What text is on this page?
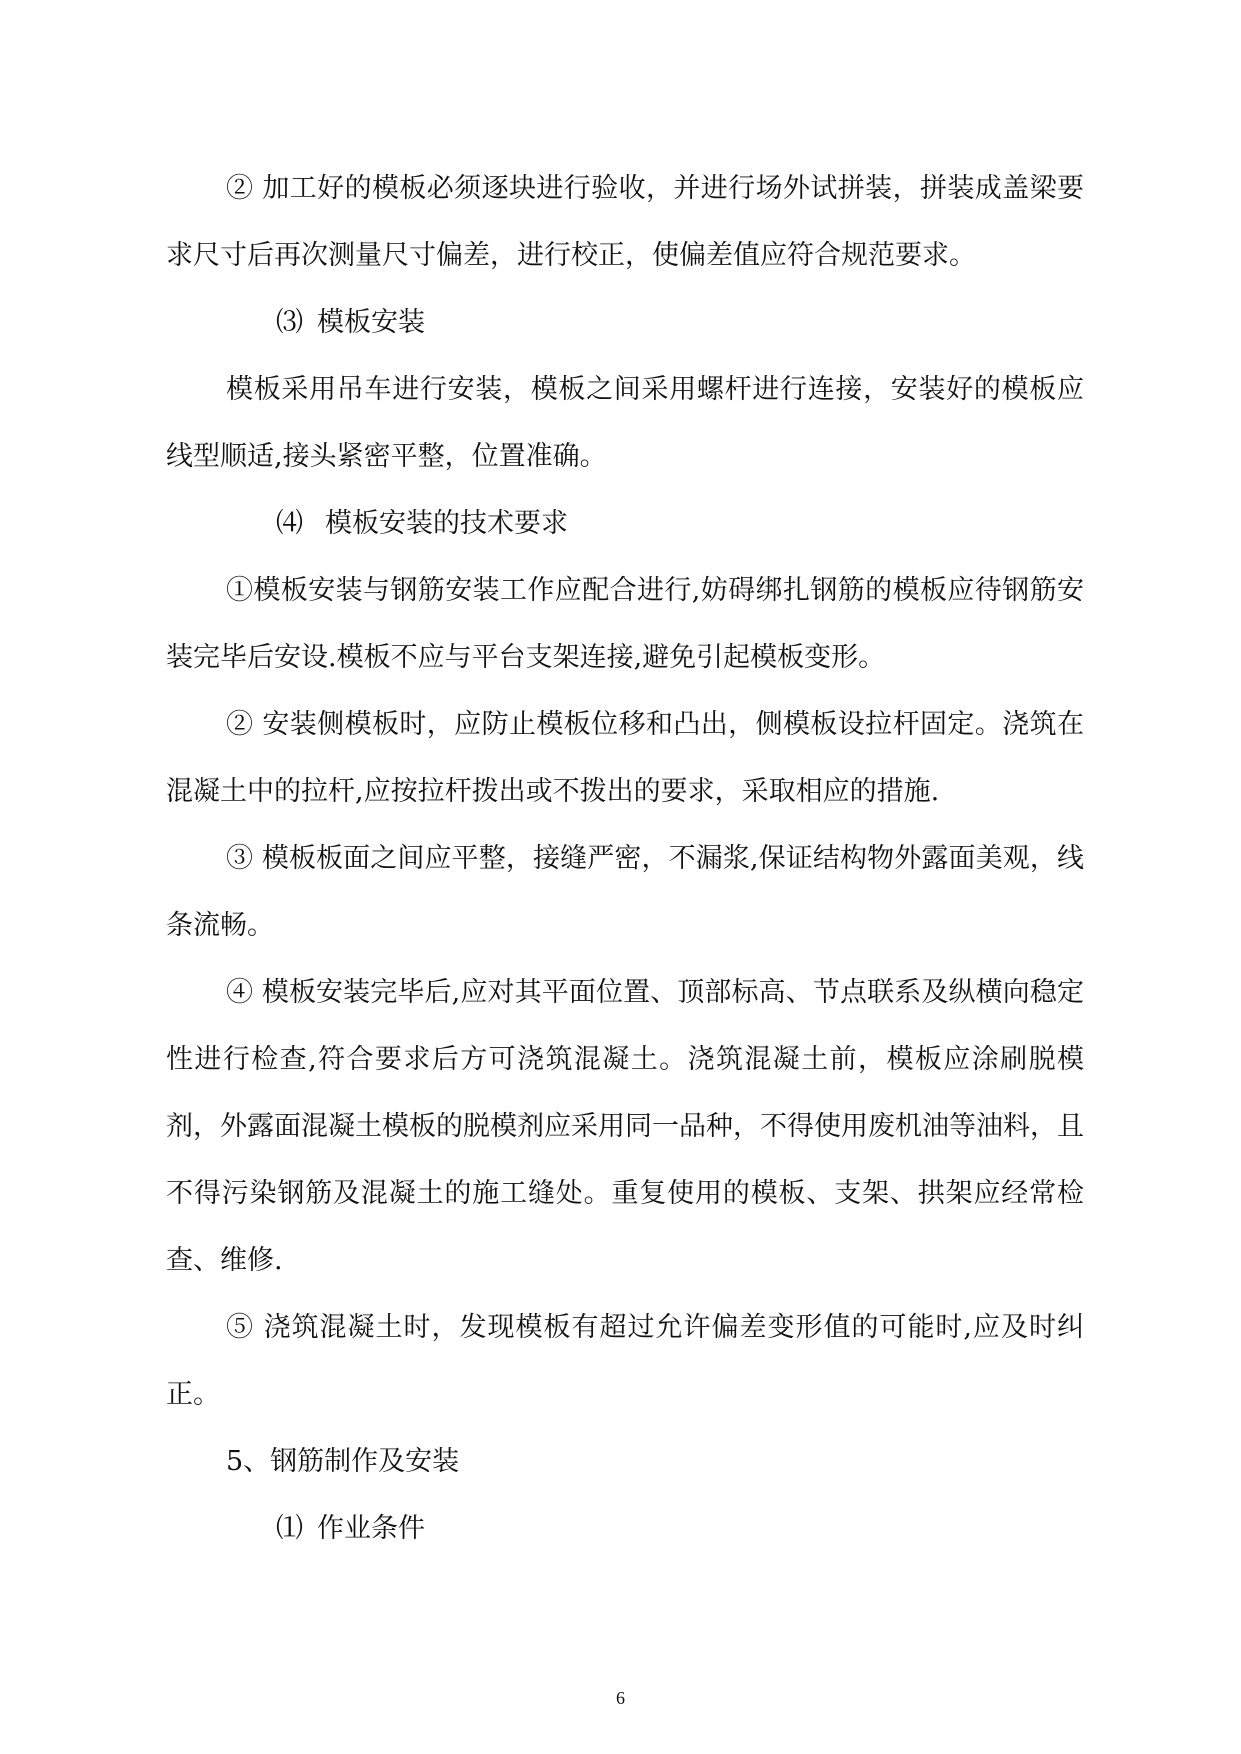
② 加工好的模板必须逐块进行验收，并进行场外试拼装，拼装成盖梁要求尺寸后再次测量尺寸偏差，进行校正，使偏差值应符合规范要求。

⑶ 模板安装

模板采用吊车进行安装，模板之间采用螺杆进行连接，安装好的模板应线型顺适,接头紧密平整，位置准确。

⑷ 模板安装的技术要求

①模板安装与钢筋安装工作应配合进行,妨碍绑扎钢筋的模板应待钢筋安装完毕后安设.模板不应与平台支架连接,避免引起模板变形。

② 安装侧模板时，应防止模板位移和凸出，侧模板设拉杆固定。浇筑在混凝土中的拉杆,应按拉杆拨出或不拨出的要求，采取相应的措施.

③ 模板板面之间应平整，接缝严密，不漏浆,保证结构物外露面美观，线条流畅。

④ 模板安装完毕后,应对其平面位置、顶部标高、节点联系及纵横向稳定性进行检查,符合要求后方可浇筑混凝土。浇筑混凝土前，模板应涂刷脱模剂，外露面混凝土模板的脱模剂应采用同一品种，不得使用废机油等油料，且不得污染钢筋及混凝土的施工缝处。重复使用的模板、支架、拱架应经常检查、维修.

⑤ 浇筑混凝土时，发现模板有超过允许偏差变形值的可能时,应及时纠正。

5、钢筋制作及安装

⑴ 作业条件

6
